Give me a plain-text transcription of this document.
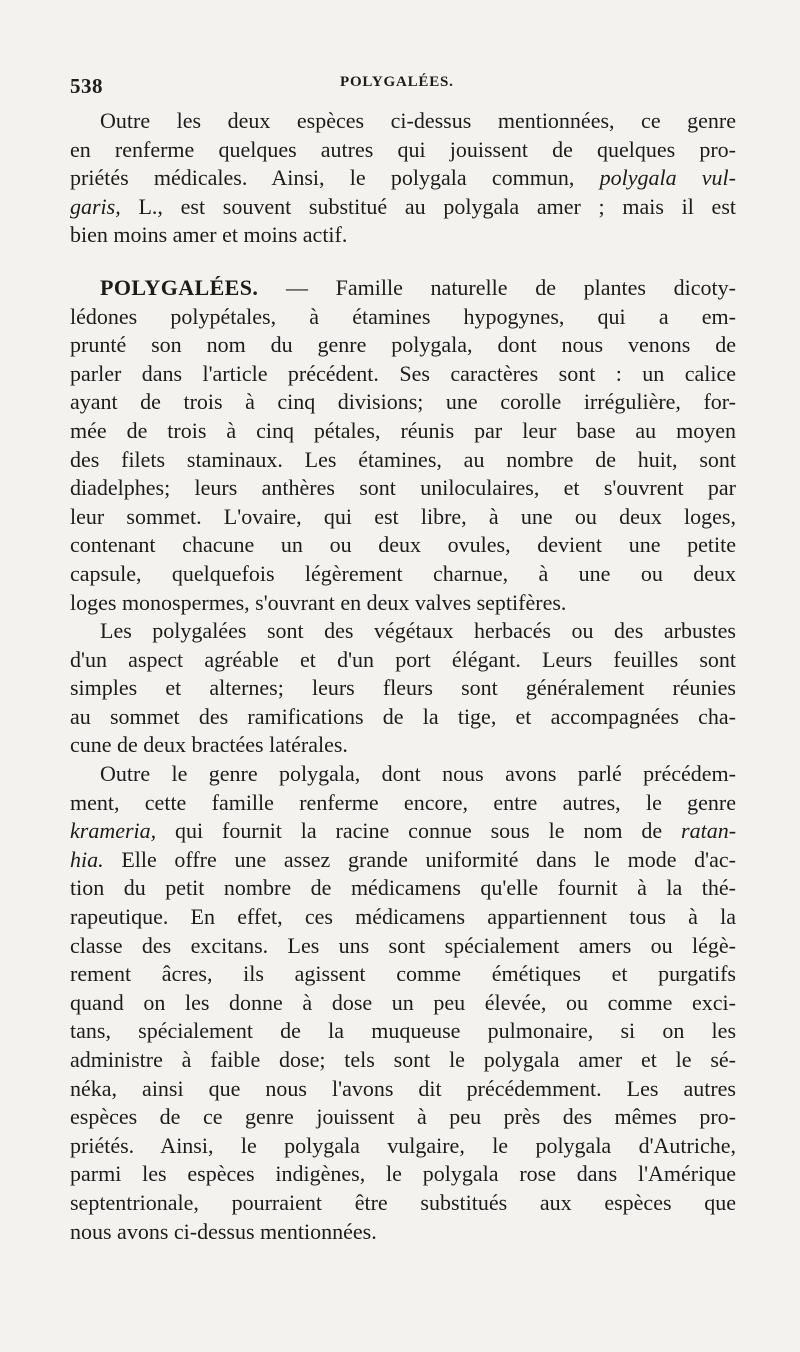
538	POLYGALÉES.
Outre les deux espèces ci-dessus mentionnées, ce genre
en renferme quelques autres qui jouissent de quelques pro-
priétés médicales. Ainsi, le polygala commun, polygala vul-
garis, L., est souvent substitué au polygala amer ; mais il est
bien moins amer et moins actif.
POLYGALÉES. — Famille naturelle de plantes dicoty-
lédones polypétales, à étamines hypogynes, qui a em-
prunté son nom du genre polygala, dont nous venons de
parler dans l'article précédent. Ses caractères sont : un calice
ayant de trois à cinq divisions; une corolle irrégulière, for-
mée de trois à cinq pétales, réunis par leur base au moyen
des filets staminaux. Les étamines, au nombre de huit, sont
diadelphes; leurs anthères sont uniloculaires, et s'ouvrent par
leur sommet. L'ovaire, qui est libre, à une ou deux loges,
contenant chacune un ou deux ovules, devient une petite
capsule, quelquefois légèrement charnue, à une ou deux
loges monospermes, s'ouvrant en deux valves septifères.
Les polygalées sont des végétaux herbacés ou des arbustes
d'un aspect agréable et d'un port élégant. Leurs feuilles sont
simples et alternes; leurs fleurs sont généralement réunies
au sommet des ramifications de la tige, et accompagnées cha-
cune de deux bractées latérales.
Outre le genre polygala, dont nous avons parlé précédem-
ment, cette famille renferme encore, entre autres, le genre
krameria, qui fournit la racine connue sous le nom de ratan-
hia. Elle offre une assez grande uniformité dans le mode d'ac-
tion du petit nombre de médicamens qu'elle fournit à la thé-
rapeutique. En effet, ces médicamens appartiennent tous à la
classe des excitans. Les uns sont spécialement amers ou légè-
rement âcres, ils agissent comme émétiques et purgatifs
quand on les donne à dose un peu élevée, ou comme exci-
tans, spécialement de la muqueuse pulmonaire, si on les
administre à faible dose; tels sont le polygala amer et le sé-
néka, ainsi que nous l'avons dit précédemment. Les autres
espèces de ce genre jouissent à peu près des mêmes pro-
priétés. Ainsi, le polygala vulgaire, le polygala d'Autriche,
parmi les espèces indigènes, le polygala rose dans l'Amérique
septentrionale, pourraient être substitués aux espèces que
nous avons ci-dessus mentionnées.
